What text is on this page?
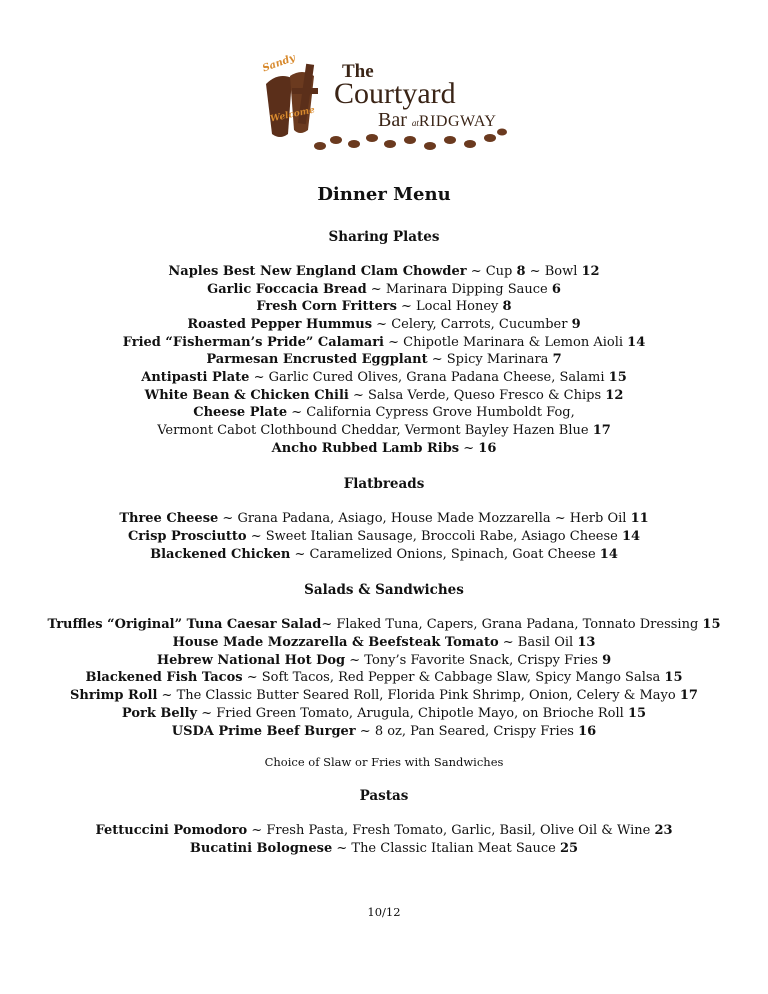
Sandy
Welcome
The
Courtyard
Bar atRIDGWAY
Dinner Menu
Sharing Plates
Naples Best New England Clam Chowder ~ Cup 8 ~ Bowl 12
Garlic Foccacia Bread ~ Marinara Dipping Sauce 6
Fresh Corn Fritters ~ Local Honey 8
Roasted Pepper Hummus ~ Celery, Carrots, Cucumber 9
Fried “Fisherman’s Pride” Calamari ~ Chipotle Marinara & Lemon Aioli 14
Parmesan Encrusted Eggplant ~ Spicy Marinara 7
Antipasti Plate ~ Garlic Cured Olives, Grana Padana Cheese, Salami 15
White Bean & Chicken Chili ~ Salsa Verde, Queso Fresco & Chips 12
Cheese Plate ~ California Cypress Grove Humboldt Fog,
Vermont Cabot Clothbound Cheddar, Vermont Bayley Hazen Blue 17
Ancho Rubbed Lamb Ribs ~ 16
Flatbreads
Three Cheese ~ Grana Padana, Asiago, House Made Mozzarella ~ Herb Oil 11
Crisp Prosciutto ~ Sweet Italian Sausage, Broccoli Rabe, Asiago Cheese 14
Blackened Chicken ~ Caramelized Onions, Spinach, Goat Cheese 14
Salads & Sandwiches
Truffles “Original” Tuna Caesar Salad~ Flaked Tuna, Capers, Grana Padana, Tonnato Dressing 15
House Made Mozzarella & Beefsteak Tomato ~ Basil Oil 13
Hebrew National Hot Dog ~ Tony’s Favorite Snack, Crispy Fries 9
Blackened Fish Tacos ~ Soft Tacos, Red Pepper & Cabbage Slaw, Spicy Mango Salsa 15
Shrimp Roll ~ The Classic Butter Seared Roll, Florida Pink Shrimp, Onion, Celery & Mayo 17
Pork Belly ~ Fried Green Tomato, Arugula, Chipotle Mayo, on Brioche Roll 15
USDA Prime Beef Burger ~ 8 oz, Pan Seared, Crispy Fries 16
Choice of Slaw or Fries with Sandwiches
Pastas
Fettuccini Pomodoro ~ Fresh Pasta, Fresh Tomato, Garlic, Basil, Olive Oil & Wine 23
Bucatini Bolognese ~ The Classic Italian Meat Sauce 25
10/12
